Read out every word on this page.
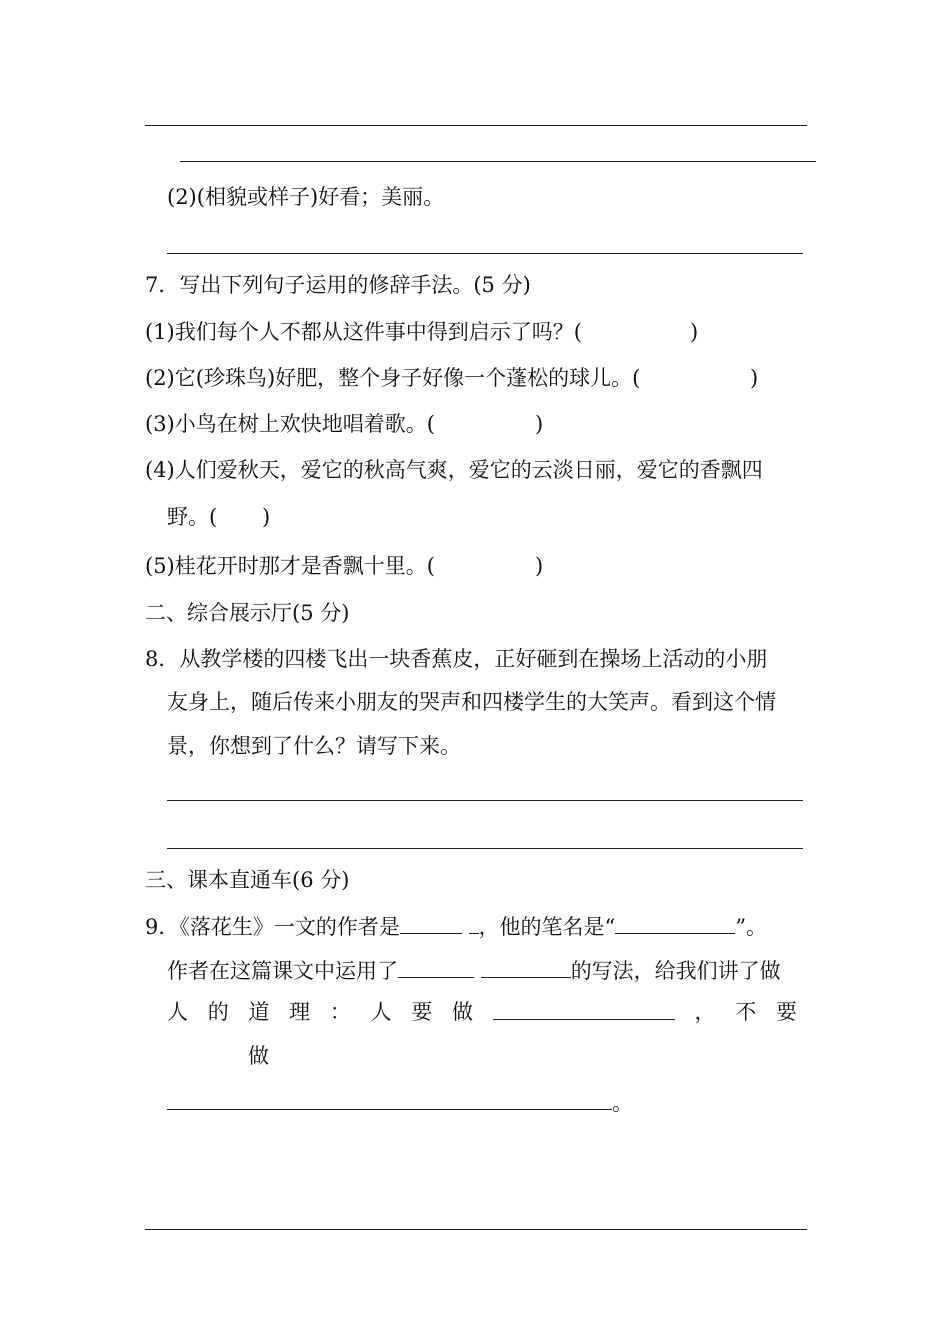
(2)(相貌或样子)好看；美丽。
7．写出下列句子运用的修辞手法。(5 分)
(1)我们每个人不都从这件事中得到启示了吗？(	)
(2)它(珍珠鸟)好肥，整个身子好像一个蓬松的球儿。(	)
(3)小鸟在树上欢快地唱着歌。(	)
(4)人们爱秋天，爱它的秋高气爽，爱它的云淡日丽，爱它的香飘四
野。( )
(5)桂花开时那才是香飘十里。(	)
二、综合展示厅(5 分)
8．从教学楼的四楼飞出一块香蕉皮，正好砸到在操场上活动的小朋
友身上，随后传来小朋友的哭声和四楼学生的大笑声。看到这个情
景，你想到了什么？请写下来。
三、课本直通车(6 分)
9．《落花生》一文的作者是	，他的笔名是“	”。
作者在这篇课文中运用了	的写法，给我们讲了做
人 的 道 理 ： 人 要 做	， 不 要
做
。
